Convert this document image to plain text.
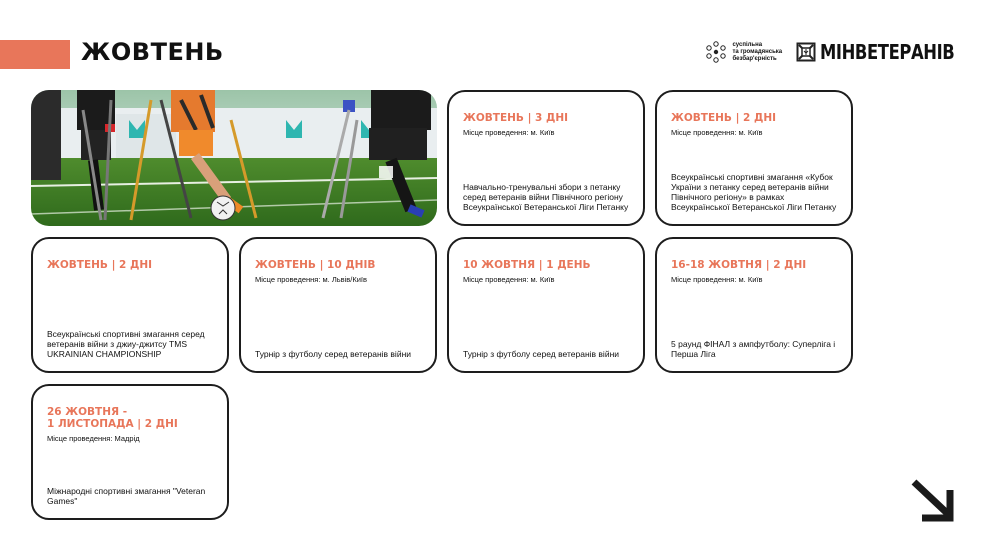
ЖОВТЕНЬ	суспільна
та громадянська
безбар'єрність МІНВЕТЕРАНІВ
ЖОВТЕНЬ | 3 ДНІ
Місце проведення: м. Київ
Навчально-тренувальні збори з петанку серед ветеранів війни Північного регіону Всеукраїнської Ветеранської Ліги Петанку
ЖОВТЕНЬ | 2 ДНІ
Місце проведення: м. Київ
Всеукраїнські спортивні змагання «Кубок України з петанку серед ветеранів війни Північного регіону» в рамках Всеукраїнської Ветеранської Ліги Петанку
ЖОВТЕНЬ | 2 ДНІ
Всеукраїнські спортивні змагання серед ветеранів війни з джиу-джитсу TMS UKRAINIAN CHAMPIONSHIP
ЖОВТЕНЬ | 10 ДНІВ
Місце проведення: м. Львів/Київ
Турнір з футболу серед ветеранів війни
10 ЖОВТНЯ | 1 ДЕНЬ
Місце проведення: м. Київ
Турнір з футболу серед ветеранів війни
16-18 ЖОВТНЯ | 2 ДНІ
Місце проведення: м. Київ
5 раунд ФІНАЛ з ампфутболу: Суперліга і Перша Ліга
26 ЖОВТНЯ -
1 ЛИСТОПАДА | 2 ДНІ
Місце проведення: Мадрід
Міжнародні спортивні змагання "Veteran Games"
